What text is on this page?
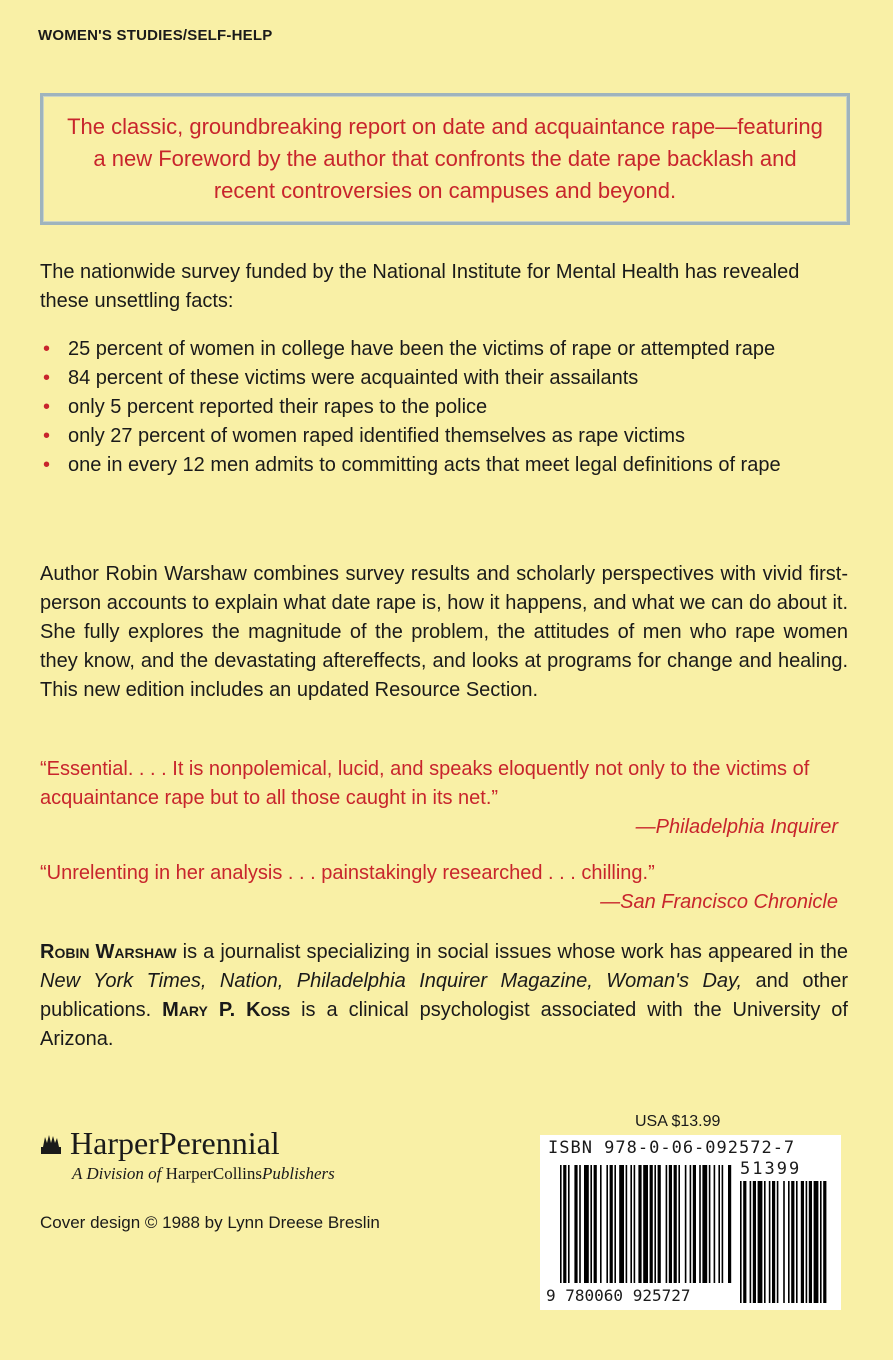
WOMEN'S STUDIES/SELF-HELP

The classic, groundbreaking report on date and acquaintance rape—featuring a new Foreword by the author that confronts the date rape backlash and recent controversies on campuses and beyond.

The nationwide survey funded by the National Institute for Mental Health has revealed these unsettling facts:

• 25 percent of women in college have been the victims of rape or attempted rape
• 84 percent of these victims were acquainted with their assailants
• only 5 percent reported their rapes to the police
• only 27 percent of women raped identified themselves as rape victims
• one in every 12 men admits to committing acts that meet legal definitions of rape

Author Robin Warshaw combines survey results and scholarly perspectives with vivid first-person accounts to explain what date rape is, how it happens, and what we can do about it. She fully explores the magnitude of the problem, the attitudes of men who rape women they know, and the devastating aftereffects, and looks at programs for change and healing. This new edition includes an updated Resource Section.

“Essential. . . . It is nonpolemical, lucid, and speaks eloquently not only to the victims of acquaintance rape but to all those caught in its net.”

—Philadelphia Inquirer

“Unrelenting in her analysis . . . painstakingly researched . . . chilling.”

—San Francisco Chronicle

Robin Warshaw is a journalist specializing in social issues whose work has appeared in the New York Times, Nation, Philadelphia Inquirer Magazine, Woman's Day, and other publications. Mary P. Koss is a clinical psychologist associated with the University of Arizona.

HarperPerennial
A Division of HarperCollinsPublishers
Cover design © 1988 by Lynn Dreese Breslin
USA $13.99
ISBN 978-0-06-092572-7
51399
9 780060 925727
